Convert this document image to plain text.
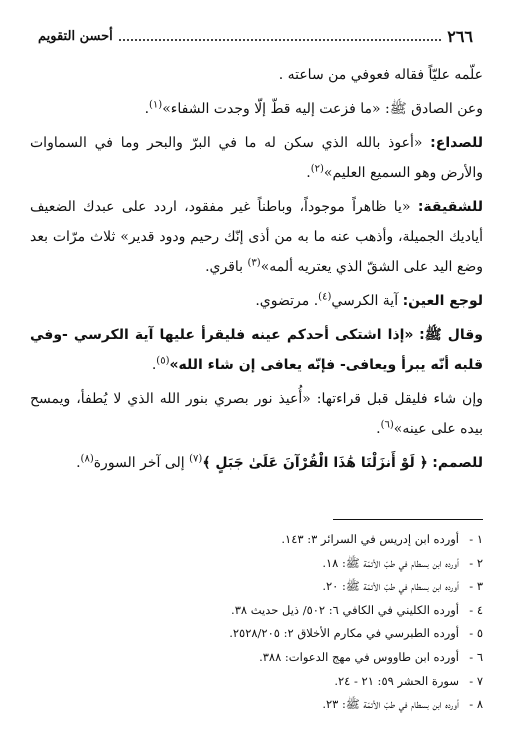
٢٦٦
أحسن التقويم

علّمه عليّاً فقاله فعوفي من ساعته .

وعن الصادق ﷺ: «ما فزعت إليه قطّ إلّا وجدت الشفاء»$^{(١)}$.

للصداع: «أعوذ بالله الذي سكن له ما في البرّ والبحر وما في السماوات والأرض وهو السميع العليم»$^{(٢)}$.

للشقيقة: «يا ظاهراً موجوداً، وباطناً غير مفقود، اردد على عبدك الضعيف أياديك الجميلة، وأذهب عنه ما به من أذى إنّك رحيم ودود قدير» ثلاث مرّات بعد وضع اليد على الشقّ الذي يعتريه ألمه»$^{(٣)}$ باقري.

لوجع العين: آية الكرسي$^{(٤)}$. مرتضوي.

وقال ﷺ: «إذا اشتكى أحدكم عينه فليقرأ عليها آية الكرسي -وفي قلبه أنّه يبرأ ويعافى- فإنّه يعافى إن شاء الله»$^{(٥)}$.

وإن شاء فليقل قبل قراءتها: «أُعيذ نور بصري بنور الله الذي لا يُطفأ، ويمسح بيده على عينه»$^{(٦)}$.

للصمم: ﴿ لَوْ أَنزَلْنَا هَٰذَا الْقُرْآنَ عَلَىٰ جَبَلٍ ﴾$^{(٧)}$ إلى آخر السورة$^{(٨)}$.

١ -
أورده ابن إدريس في السرائر ٣: ١٤٣.
٢ -
أورده ابن بسطام في طبّ الأئمّة ﷺ: ١٨.
٣ -
أورده ابن بسطام في طبّ الأئمّة ﷺ: ٢٠.
٤ -
أورده الكليني في الكافي ٦: ٥٠٢/ ذيل حديث ٣٨.
٥ -
أورده الطبرسي في مكارم الأخلاق ٢: ٢٥٢٨/٢٠٥.
٦ -
أورده ابن طاووس في مهج الدعوات: ٣٨٨.
٧ -
سورة الحشر ٥٩: ٢١ - ٢٤.
٨ -
أورده ابن بسطام في طبّ الأئمّة ﷺ: ٢٣.
